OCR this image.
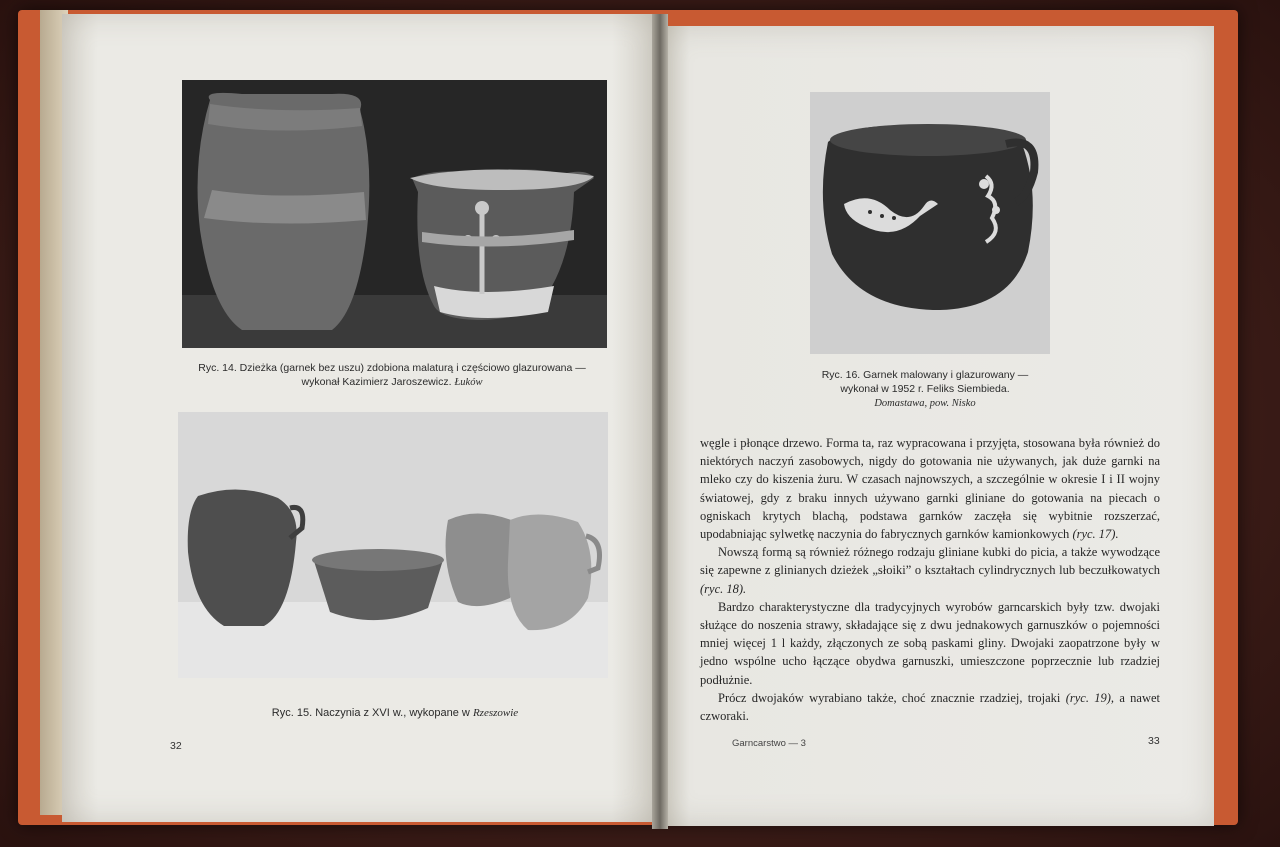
Ryc. 14. Dzieżka (garnek bez uszu) zdobiona malaturą i częściowo glazurowana —
wykonał Kazimierz Jaroszewicz. Łuków
Ryc. 15. Naczynia z XVI w., wykopane w Rzeszowie
32
Ryc. 16. Garnek malowany i glazurowany —
wykonał w 1952 r. Feliks Siembieda.
Domastawa, pow. Nisko

węgle i płonące drzewo. Forma ta, raz wypracowana i przyjęta, stosowana była również do niektórych naczyń zasobowych, nigdy do gotowania nie używanych, jak duże garnki na mleko czy do kiszenia żuru. W czasach najnowszych, a szczególnie w okresie I i II wojny światowej, gdy z braku innych używano garnki gliniane do gotowania na piecach o ogniskach krytych blachą, podstawa garnków zaczęła się wybitnie rozszerzać, upodabniając sylwetkę naczynia do fabrycznych garnków kamionkowych (ryc. 17).

Nowszą formą są również różnego rodzaju gliniane kubki do picia, a także wywodzące się zapewne z glinianych dzieżek „słoiki” o kształtach cylindrycznych lub beczułkowatych (ryc. 18).

Bardzo charakterystyczne dla tradycyjnych wyrobów garncarskich były tzw. dwojaki służące do noszenia strawy, składające się z dwu jednakowych garnuszków o pojemności mniej więcej 1 l każdy, złączonych ze sobą paskami gliny. Dwojaki zaopatrzone były w jedno wspólne ucho łączące obydwa garnuszki, umieszczone poprzecznie lub rzadziej podłużnie.

Prócz dwojaków wyrabiano także, choć znacznie rzadziej, trojaki (ryc. 19), a nawet czworaki.

Garncarstwo — 3	33
